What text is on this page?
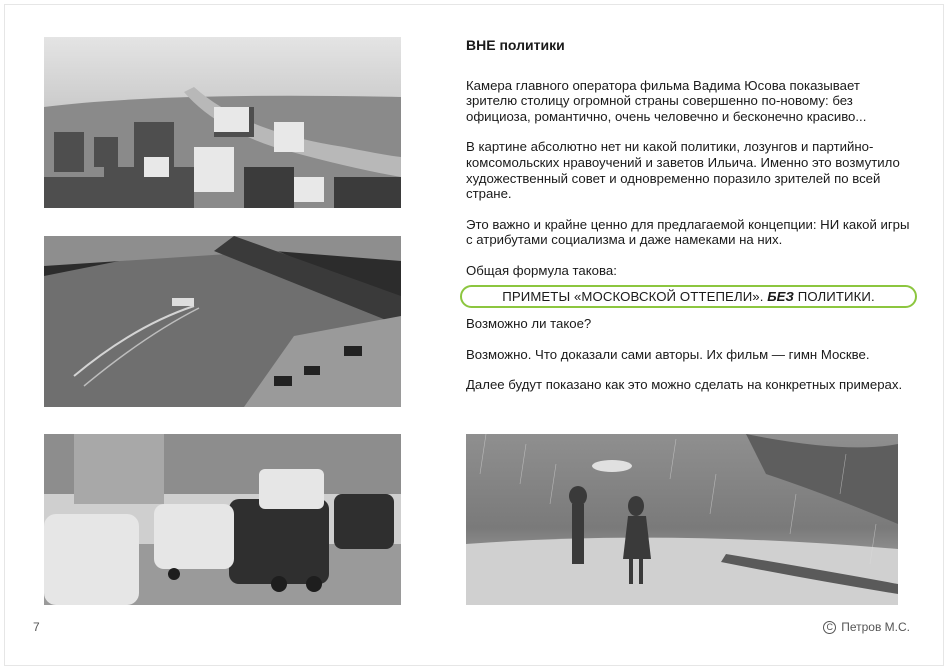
ВНЕ политики
Камера главного оператора фильма Вадима Юсова показывает зрителю столицу огромной страны совершенно по-новому: без официоза, романтично, очень человечно и бесконечно красиво...
В картине абсолютно нет ни какой политики, лозунгов и партийно-комсомольских нравоучений и заветов Ильича. Именно это возмутило художественный совет и одновременно поразило зрителей по всей стране.
Это важно и крайне ценно для предлагаемой концепции: НИ какой игры с атрибутами социализма и даже намеками на них.
Общая формула такова:
ПРИМЕТЫ «МОСКОВСКОЙ ОТТЕПЕЛИ». БЕЗ ПОЛИТИКИ.
Возможно ли такое?
Возможно. Что доказали сами авторы. Их фильм — гимн Москве.
Далее будут показано как это можно сделать на конкретных примерах.
7	C Петров М.С.
